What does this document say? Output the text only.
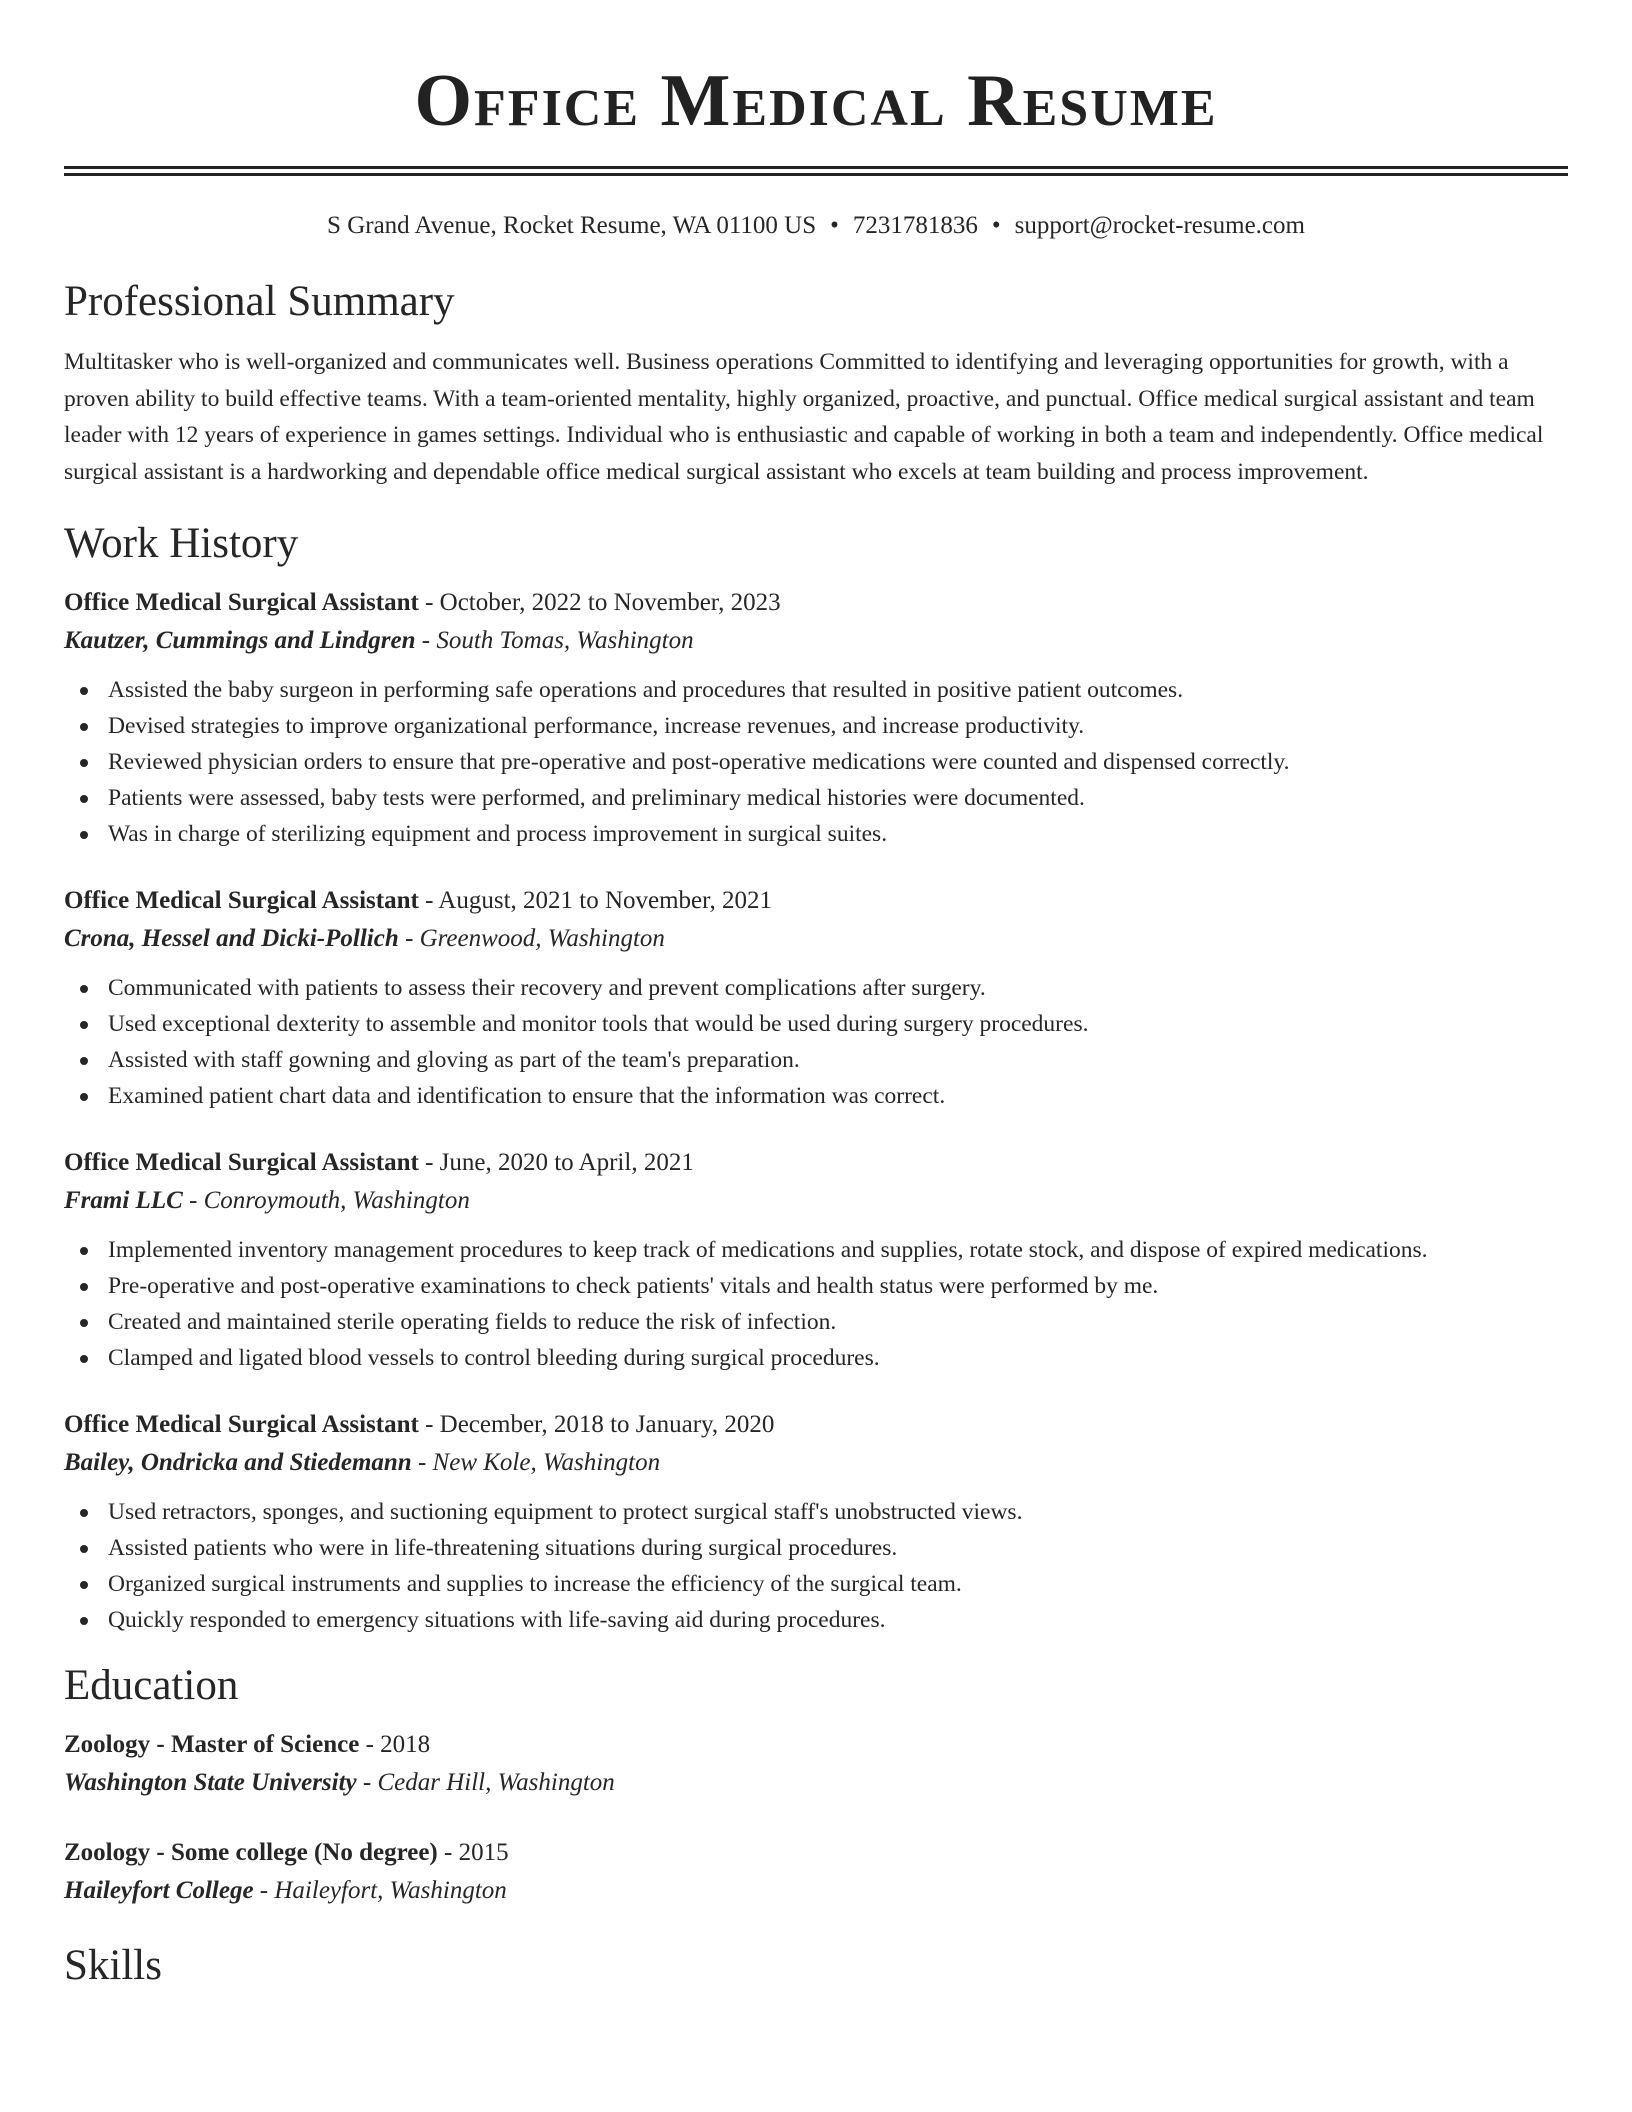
Office Medical Resume
S Grand Avenue, Rocket Resume, WA 01100 US • 7231781836 • support@rocket-resume.com
Professional Summary
Multitasker who is well-organized and communicates well. Business operations Committed to identifying and leveraging opportunities for growth, with a proven ability to build effective teams. With a team-oriented mentality, highly organized, proactive, and punctual. Office medical surgical assistant and team leader with 12 years of experience in games settings. Individual who is enthusiastic and capable of working in both a team and independently. Office medical surgical assistant is a hardworking and dependable office medical surgical assistant who excels at team building and process improvement.
Work History
Office Medical Surgical Assistant - October, 2022 to November, 2023
Kautzer, Cummings and Lindgren - South Tomas, Washington
Assisted the baby surgeon in performing safe operations and procedures that resulted in positive patient outcomes.
Devised strategies to improve organizational performance, increase revenues, and increase productivity.
Reviewed physician orders to ensure that pre-operative and post-operative medications were counted and dispensed correctly.
Patients were assessed, baby tests were performed, and preliminary medical histories were documented.
Was in charge of sterilizing equipment and process improvement in surgical suites.
Office Medical Surgical Assistant - August, 2021 to November, 2021
Crona, Hessel and Dicki-Pollich - Greenwood, Washington
Communicated with patients to assess their recovery and prevent complications after surgery.
Used exceptional dexterity to assemble and monitor tools that would be used during surgery procedures.
Assisted with staff gowning and gloving as part of the team's preparation.
Examined patient chart data and identification to ensure that the information was correct.
Office Medical Surgical Assistant - June, 2020 to April, 2021
Frami LLC - Conroymouth, Washington
Implemented inventory management procedures to keep track of medications and supplies, rotate stock, and dispose of expired medications.
Pre-operative and post-operative examinations to check patients' vitals and health status were performed by me.
Created and maintained sterile operating fields to reduce the risk of infection.
Clamped and ligated blood vessels to control bleeding during surgical procedures.
Office Medical Surgical Assistant - December, 2018 to January, 2020
Bailey, Ondricka and Stiedemann - New Kole, Washington
Used retractors, sponges, and suctioning equipment to protect surgical staff's unobstructed views.
Assisted patients who were in life-threatening situations during surgical procedures.
Organized surgical instruments and supplies to increase the efficiency of the surgical team.
Quickly responded to emergency situations with life-saving aid during procedures.
Education
Zoology - Master of Science - 2018
Washington State University - Cedar Hill, Washington
Zoology - Some college (No degree) - 2015
Haileyfort College - Haileyfort, Washington
Skills
